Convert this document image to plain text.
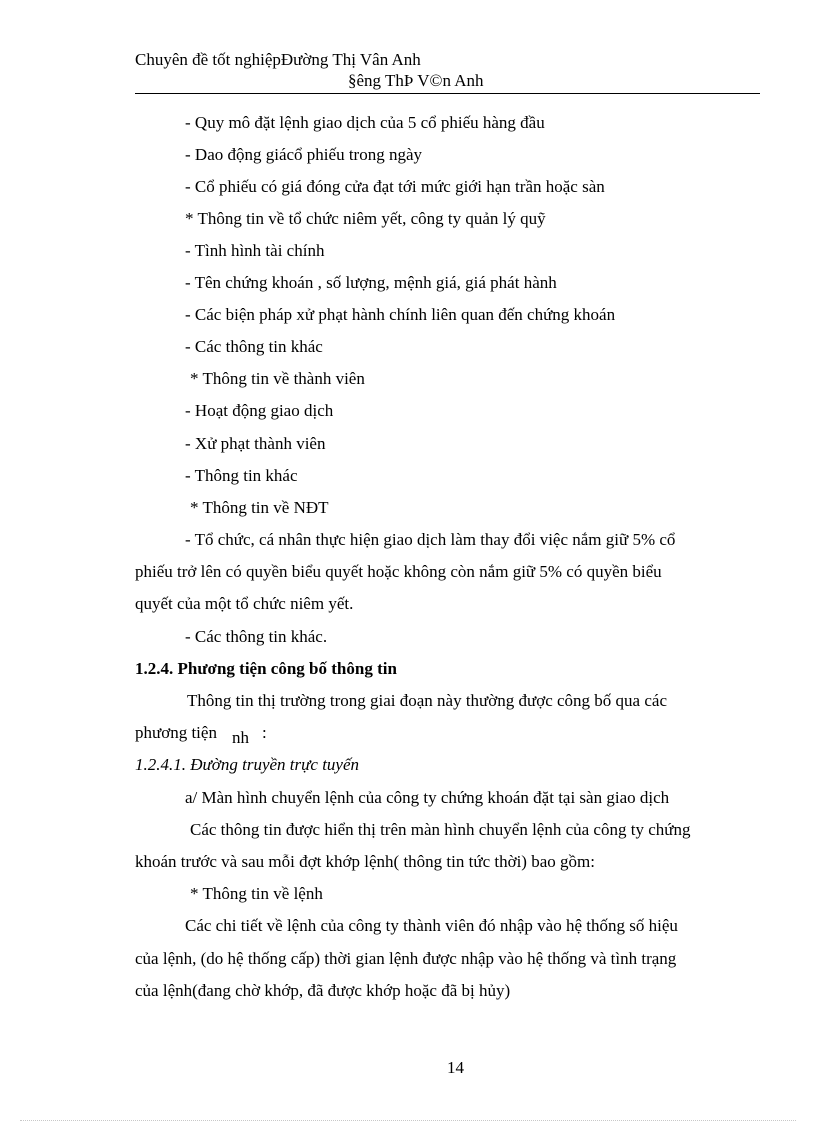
Chuyên đề tốt nghiệpĐường Thị Vân Anh
§êng ThÞ V©n Anh
- Quy mô đặt lệnh giao dịch của 5 cổ phiếu hàng đầu
- Dao động giácổ phiếu trong ngày
- Cổ phiếu có giá đóng cửa đạt tới mức giới hạn trần hoặc sàn
* Thông tin về tổ chức niêm yết, công ty quản lý quỹ
- Tình hình tài chính
- Tên chứng khoán , số lượng, mệnh giá, giá phát hành
- Các biện pháp xử phạt hành chính liên quan đến chứng khoán
- Các thông tin khác
* Thông tin về thành viên
- Hoạt động giao dịch
- Xử phạt thành viên
- Thông tin khác
* Thông tin về NĐT
- Tổ chức, cá nhân thực hiện giao dịch làm thay đổi việc nắm giữ 5% cổ
phiếu trở lên có quyền biểu quyết hoặc không còn nắm giữ 5% có quyền biểu
quyết của một tổ chức niêm yết.
- Các thông tin khác.
1.2.4. Phương tiện công bố thông tin
Thông tin thị trường trong giai đoạn này thường được công bố qua các
phương tiện nh :
1.2.4.1. Đường truyền trực tuyến
a/ Màn hình chuyển lệnh của công ty chứng khoán đặt tại sàn giao dịch
Các thông tin được hiển thị trên màn hình chuyển lệnh của công ty chứng
khoán trước và sau mỗi đợt khớp lệnh( thông tin tức thời) bao gồm:
* Thông tin về lệnh
Các chi tiết về lệnh của công ty thành viên đó nhập vào hệ thống số hiệu
của lệnh, (do hệ thống cấp) thời gian lệnh được nhập vào hệ thống và tình trạng
của lệnh(đang chờ khớp, đã được khớp hoặc đã bị hủy)
14
